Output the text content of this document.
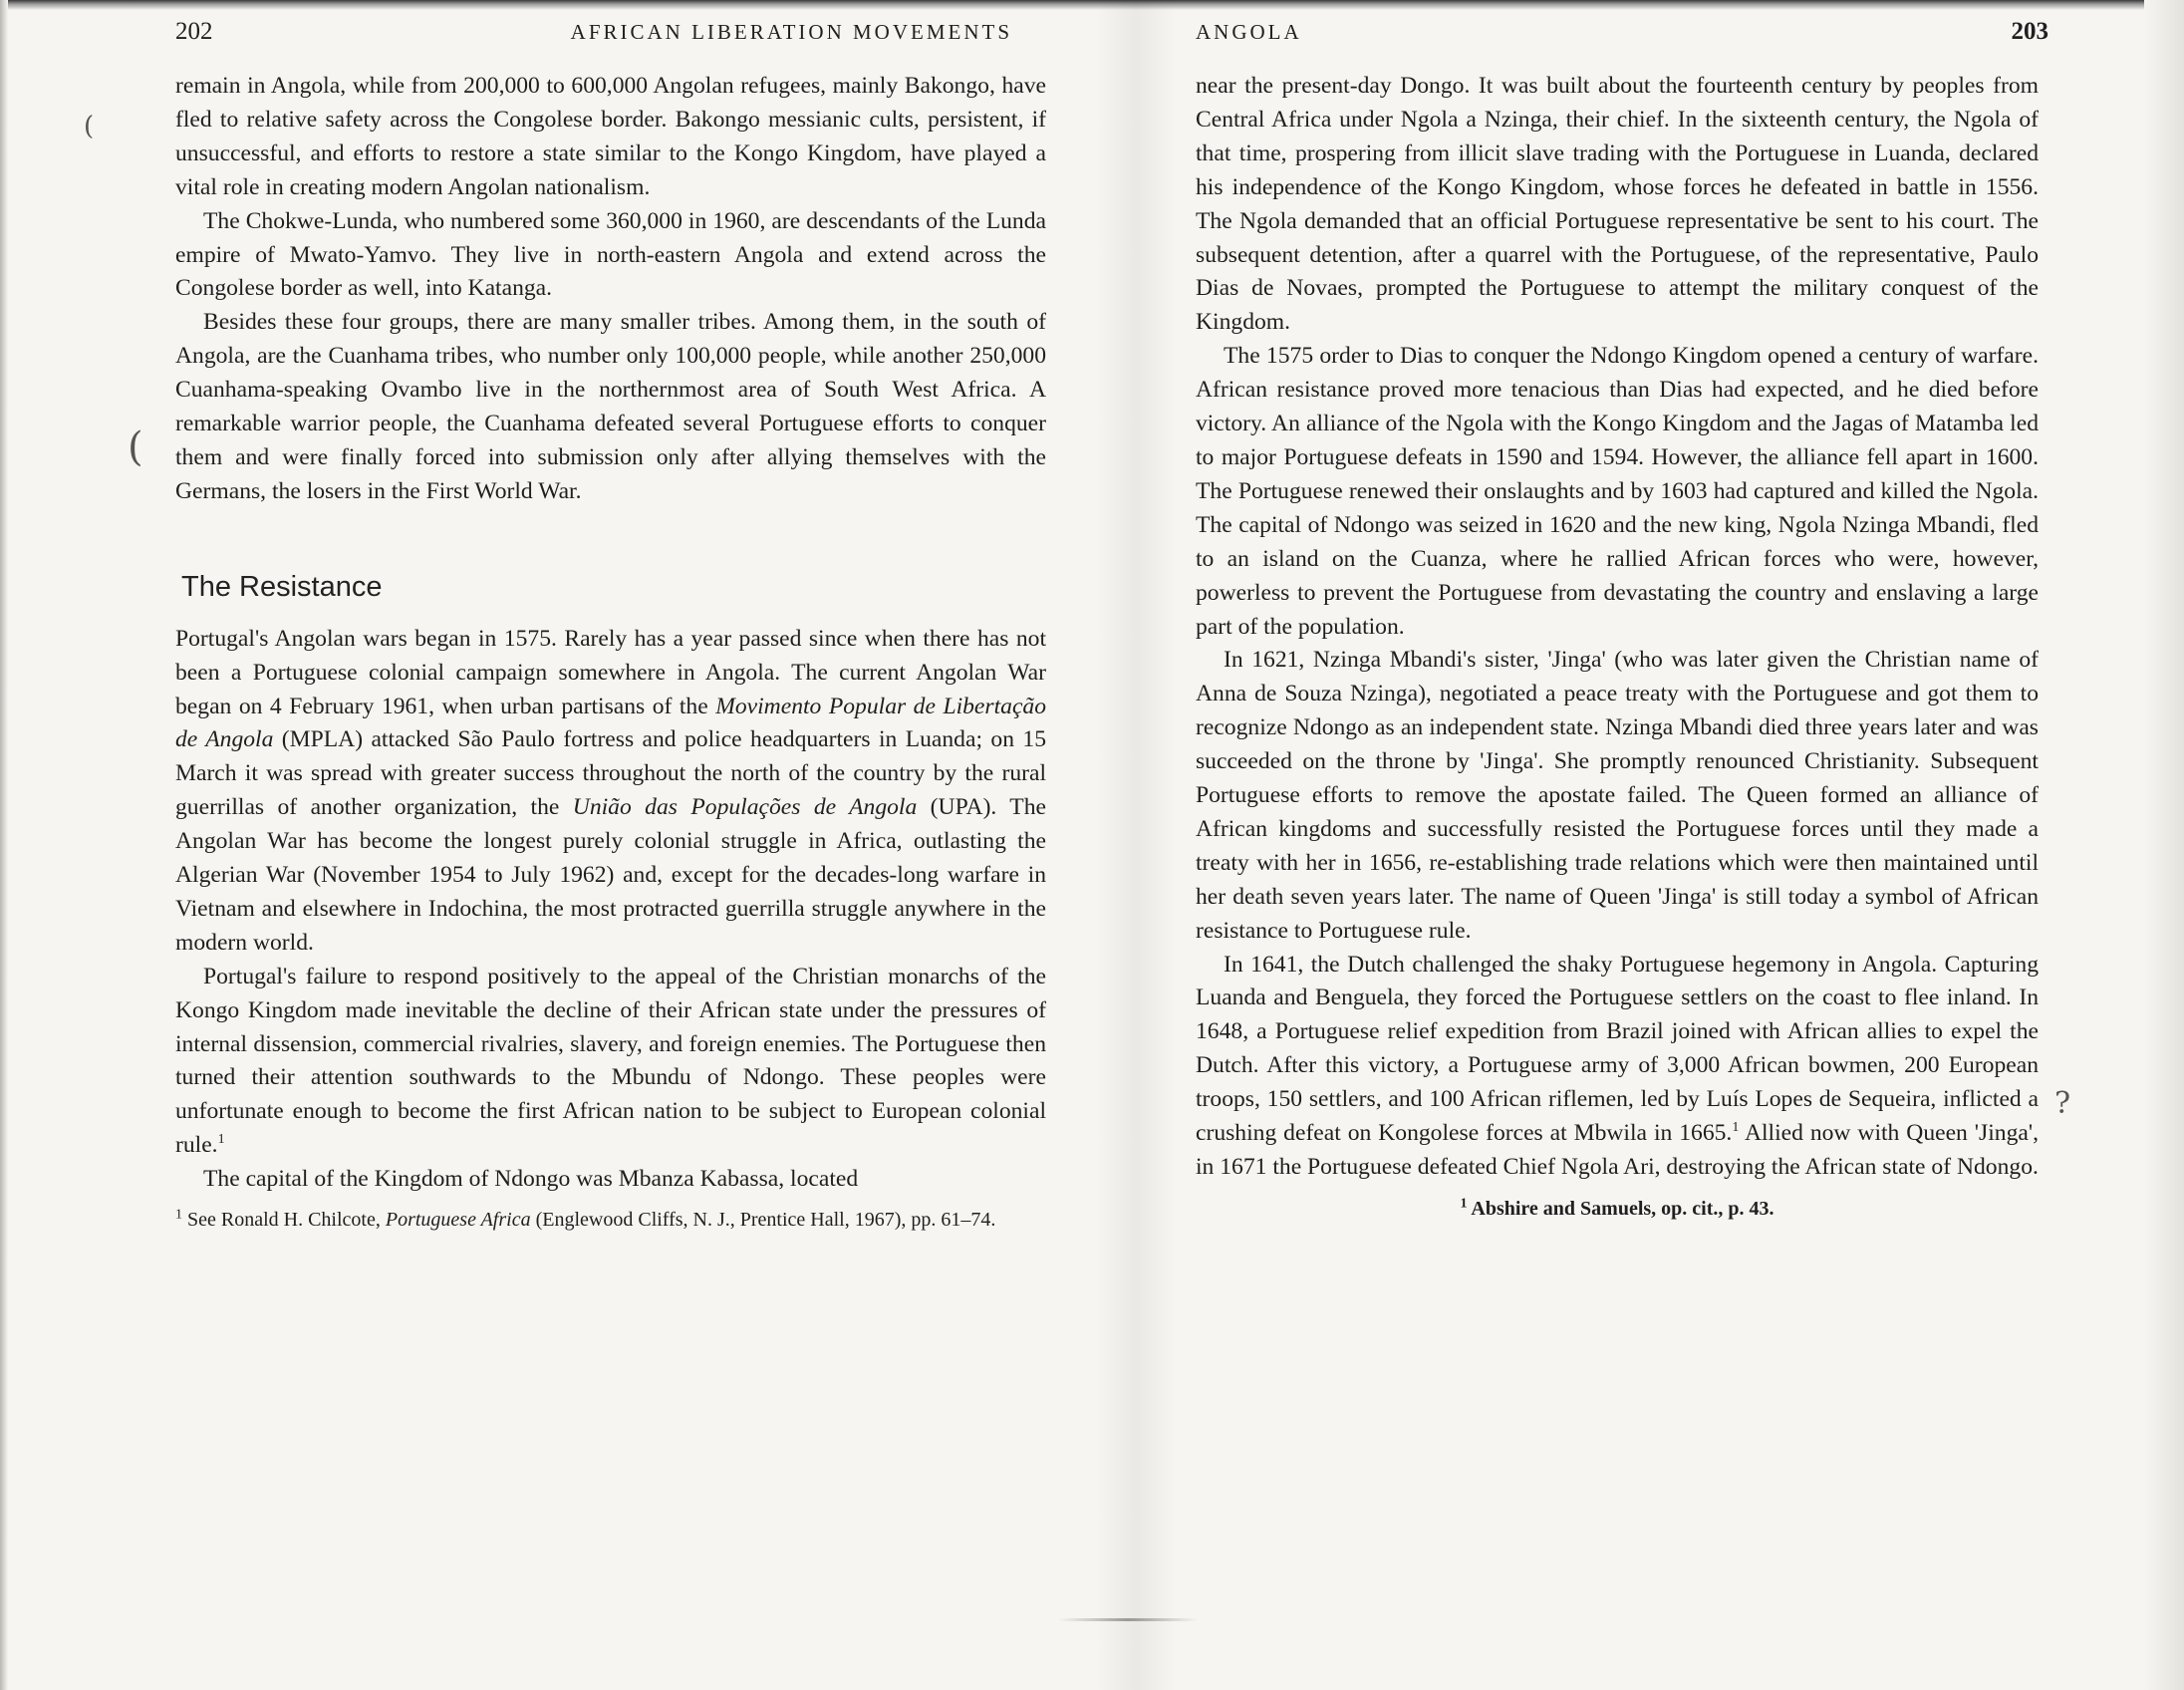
202	AFRICAN LIBERATION MOVEMENTS

remain in Angola, while from 200,000 to 600,000 Angolan refugees, mainly Bakongo, have fled to relative safety across the Congolese border. Bakongo messianic cults, persistent, if unsuccessful, and efforts to restore a state similar to the Kongo Kingdom, have played a vital role in creating modern Angolan nationalism.

The Chokwe-Lunda, who numbered some 360,000 in 1960, are descendants of the Lunda empire of Mwato-Yamvo. They live in north-eastern Angola and extend across the Congolese border as well, into Katanga.

Besides these four groups, there are many smaller tribes. Among them, in the south of Angola, are the Cuanhama tribes, who number only 100,000 people, while another 250,000 Cuanhama-speaking Ovambo live in the northernmost area of South West Africa. A remarkable warrior people, the Cuanhama defeated several Portuguese efforts to conquer them and were finally forced into submission only after allying themselves with the Germans, the losers in the First World War.

The Resistance

Portugal's Angolan wars began in 1575. Rarely has a year passed since when there has not been a Portuguese colonial campaign somewhere in Angola. The current Angolan War began on 4 February 1961, when urban partisans of the Movimento Popular de Libertação de Angola (MPLA) attacked São Paulo fortress and police headquarters in Luanda; on 15 March it was spread with greater success throughout the north of the country by the rural guerrillas of another organization, the União das Populações de Angola (UPA). The Angolan War has become the longest purely colonial struggle in Africa, outlasting the Algerian War (November 1954 to July 1962) and, except for the decades-long warfare in Vietnam and elsewhere in Indochina, the most protracted guerrilla struggle anywhere in the modern world.

Portugal's failure to respond positively to the appeal of the Christian monarchs of the Kongo Kingdom made inevitable the decline of their African state under the pressures of internal dissension, commercial rivalries, slavery, and foreign enemies. The Portuguese then turned their attention southwards to the Mbundu of Ndongo. These peoples were unfortunate enough to become the first African nation to be subject to European colonial rule.$^1$

The capital of the Kingdom of Ndongo was Mbanza Kabassa, located

$^1$ See Ronald H. Chilcote, Portuguese Africa (Englewood Cliffs, N. J., Prentice Hall, 1967), pp. 61–74.
ANGOLA	203

near the present-day Dongo. It was built about the fourteenth century by peoples from Central Africa under Ngola a Nzinga, their chief. In the sixteenth century, the Ngola of that time, prospering from illicit slave trading with the Portuguese in Luanda, declared his independence of the Kongo Kingdom, whose forces he defeated in battle in 1556. The Ngola demanded that an official Portuguese representative be sent to his court. The subsequent detention, after a quarrel with the Portuguese, of the representative, Paulo Dias de Novaes, prompted the Portuguese to attempt the military conquest of the Kingdom.

The 1575 order to Dias to conquer the Ndongo Kingdom opened a century of warfare. African resistance proved more tenacious than Dias had expected, and he died before victory. An alliance of the Ngola with the Kongo Kingdom and the Jagas of Matamba led to major Portuguese defeats in 1590 and 1594. However, the alliance fell apart in 1600. The Portuguese renewed their onslaughts and by 1603 had captured and killed the Ngola. The capital of Ndongo was seized in 1620 and the new king, Ngola Nzinga Mbandi, fled to an island on the Cuanza, where he rallied African forces who were, however, powerless to prevent the Portuguese from devastating the country and enslaving a large part of the population.

In 1621, Nzinga Mbandi's sister, 'Jinga' (who was later given the Christian name of Anna de Souza Nzinga), negotiated a peace treaty with the Portuguese and got them to recognize Ndongo as an independent state. Nzinga Mbandi died three years later and was succeeded on the throne by 'Jinga'. She promptly renounced Christianity. Subsequent Portuguese efforts to remove the apostate failed. The Queen formed an alliance of African kingdoms and successfully resisted the Portuguese forces until they made a treaty with her in 1656, re-establishing trade relations which were then maintained until her death seven years later. The name of Queen 'Jinga' is still today a symbol of African resistance to Portuguese rule.

In 1641, the Dutch challenged the shaky Portuguese hegemony in Angola. Capturing Luanda and Benguela, they forced the Portuguese settlers on the coast to flee inland. In 1648, a Portuguese relief expedition from Brazil joined with African allies to expel the Dutch. After this victory, a Portuguese army of 3,000 African bowmen, 200 European troops, 150 settlers, and 100 African riflemen, led by Luís Lopes de Sequeira, inflicted a crushing defeat on Kongolese forces at Mbwila in 1665.$^1$ Allied now with Queen 'Jinga', in 1671 the Portuguese defeated Chief Ngola Ari, destroying the African state of Ndongo.

$^1$ Abshire and Samuels, op. cit., p. 43.
(
(
?
